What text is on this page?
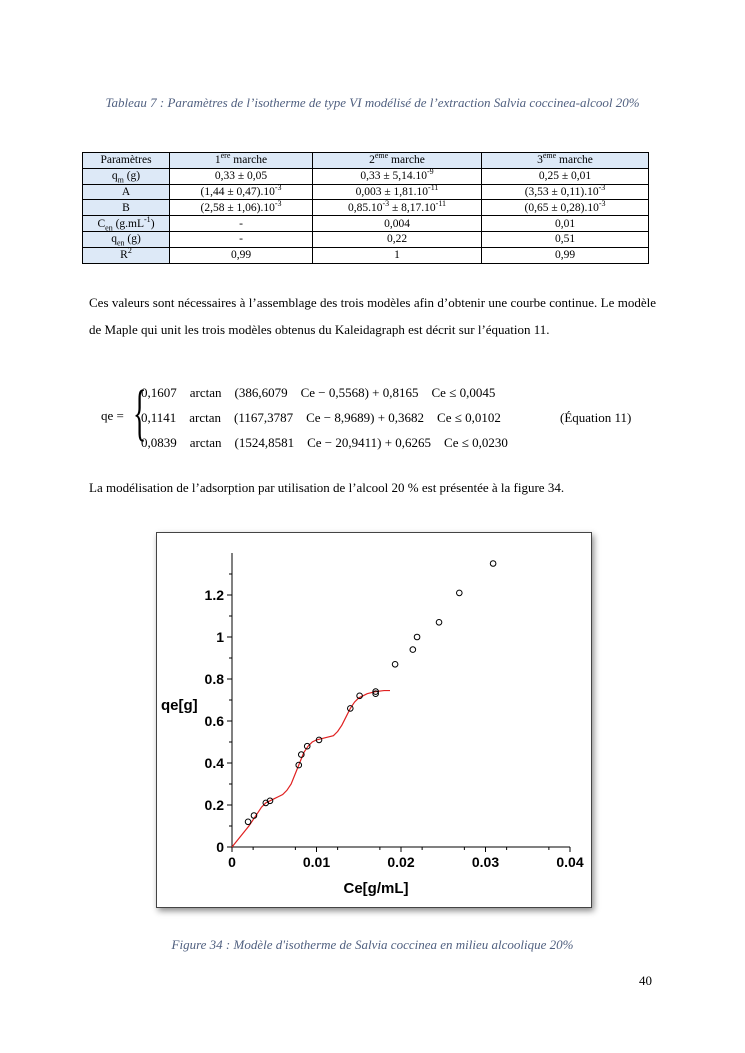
Tableau 7 : Paramètres de l’isotherme de type VI modélisé de l’extraction Salvia coccinea-alcool 20%
Paramètres	1ère marche	2ème marche	3ème marche
$q_m$ (g)	0,33 ± 0,05	$0,33 \pm 5,14.10^{-9}$	0,25 ± 0,01
A	$(1,44 \pm 0,47).10^{-3}$	$0,003 \pm 1,81.10^{-11}$	$(3,53 \pm 0,11).10^{-3}$
B	$(2,58 \pm 1,06).10^{-3}$	$0,85.10^{-3} \pm 8,17.10^{-11}$	$(0,65 \pm 0,28).10^{-3}$
$C_{en}$ $(g.mL^{-1})$	-	0,004	0,01
$q_{en}$ (g)	-	0,22	0,51
$R^2$	0,99	1	0,99
Ces valeurs sont nécessaires à l’assemblage des trois modèles afin d’obtenir une courbe continue. Le modèle de Maple qui unit les trois modèles obtenus du Kaleidagraph est décrit sur l’équation 11.
qe = {
0,1607    arctan    (386,6079    Ce − 0,5568) + 0,8165    Ce ≤ 0,0045
0,1141    arctan    (1167,3787    Ce − 8,9689) + 0,3682    Ce ≤ 0,0102
0,0839    arctan    (1524,8581    Ce − 20,9411) + 0,6265    Ce ≤ 0,0230
(Équation 11)
La modélisation de l’adsorption par utilisation de l’alcool 20 % est présentée à la figure 34.
0	0.01	0.02	0.03	0.04
0
0.2
0.4
0.6
0.8
1
1.2
Ce[g/mL]
qe[g]
Figure 34 : Modèle d'isotherme de Salvia coccinea en milieu alcoolique 20%
40
